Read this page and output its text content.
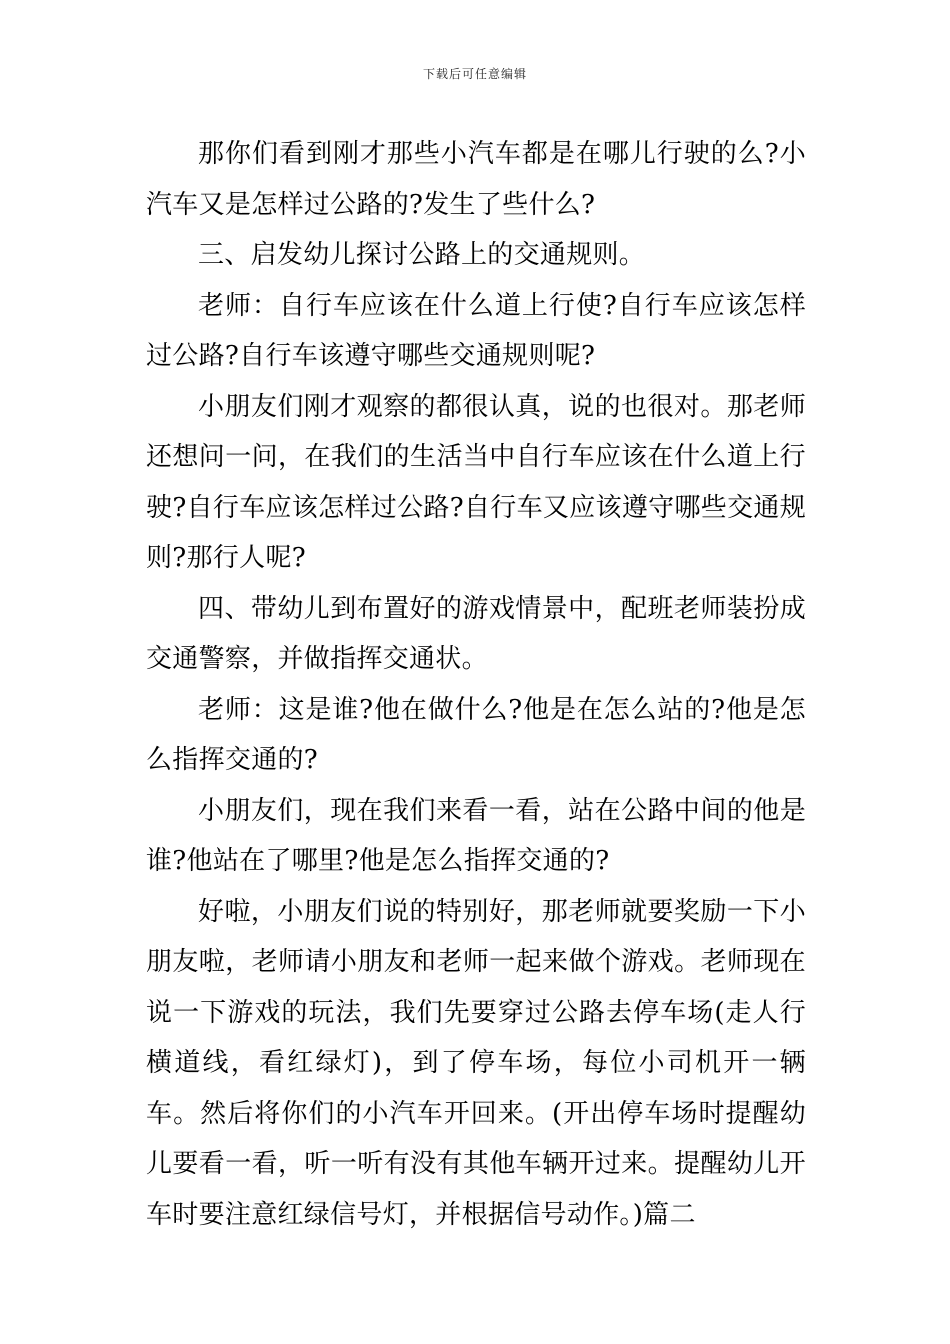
下载后可任意编辑

那你们看到刚才那些小汽车都是在哪儿行驶的么?小汽车又是怎样过公路的?发生了些什么?

三、启发幼儿探讨公路上的交通规则。

老师：自行车应该在什么道上行使?自行车应该怎样过公路?自行车该遵守哪些交通规则呢?

小朋友们刚才观察的都很认真，说的也很对。那老师还想问一问，在我们的生活当中自行车应该在什么道上行驶?自行车应该怎样过公路?自行车又应该遵守哪些交通规则?那行人呢?

四、带幼儿到布置好的游戏情景中，配班老师装扮成交通警察，并做指挥交通状。

老师：这是谁?他在做什么?他是在怎么站的?他是怎么指挥交通的?

小朋友们，现在我们来看一看，站在公路中间的他是谁?他站在了哪里?他是怎么指挥交通的?

好啦，小朋友们说的特别好，那老师就要奖励一下小朋友啦，老师请小朋友和老师一起来做个游戏。老师现在说一下游戏的玩法，我们先要穿过公路去停车场(走人行横道线，看红绿灯)，到了停车场，每位小司机开一辆车。然后将你们的小汽车开回来。(开出停车场时提醒幼儿要看一看，听一听有没有其他车辆开过来。提醒幼儿开车时要注意红绿信号灯，并根据信号动作。)篇二
